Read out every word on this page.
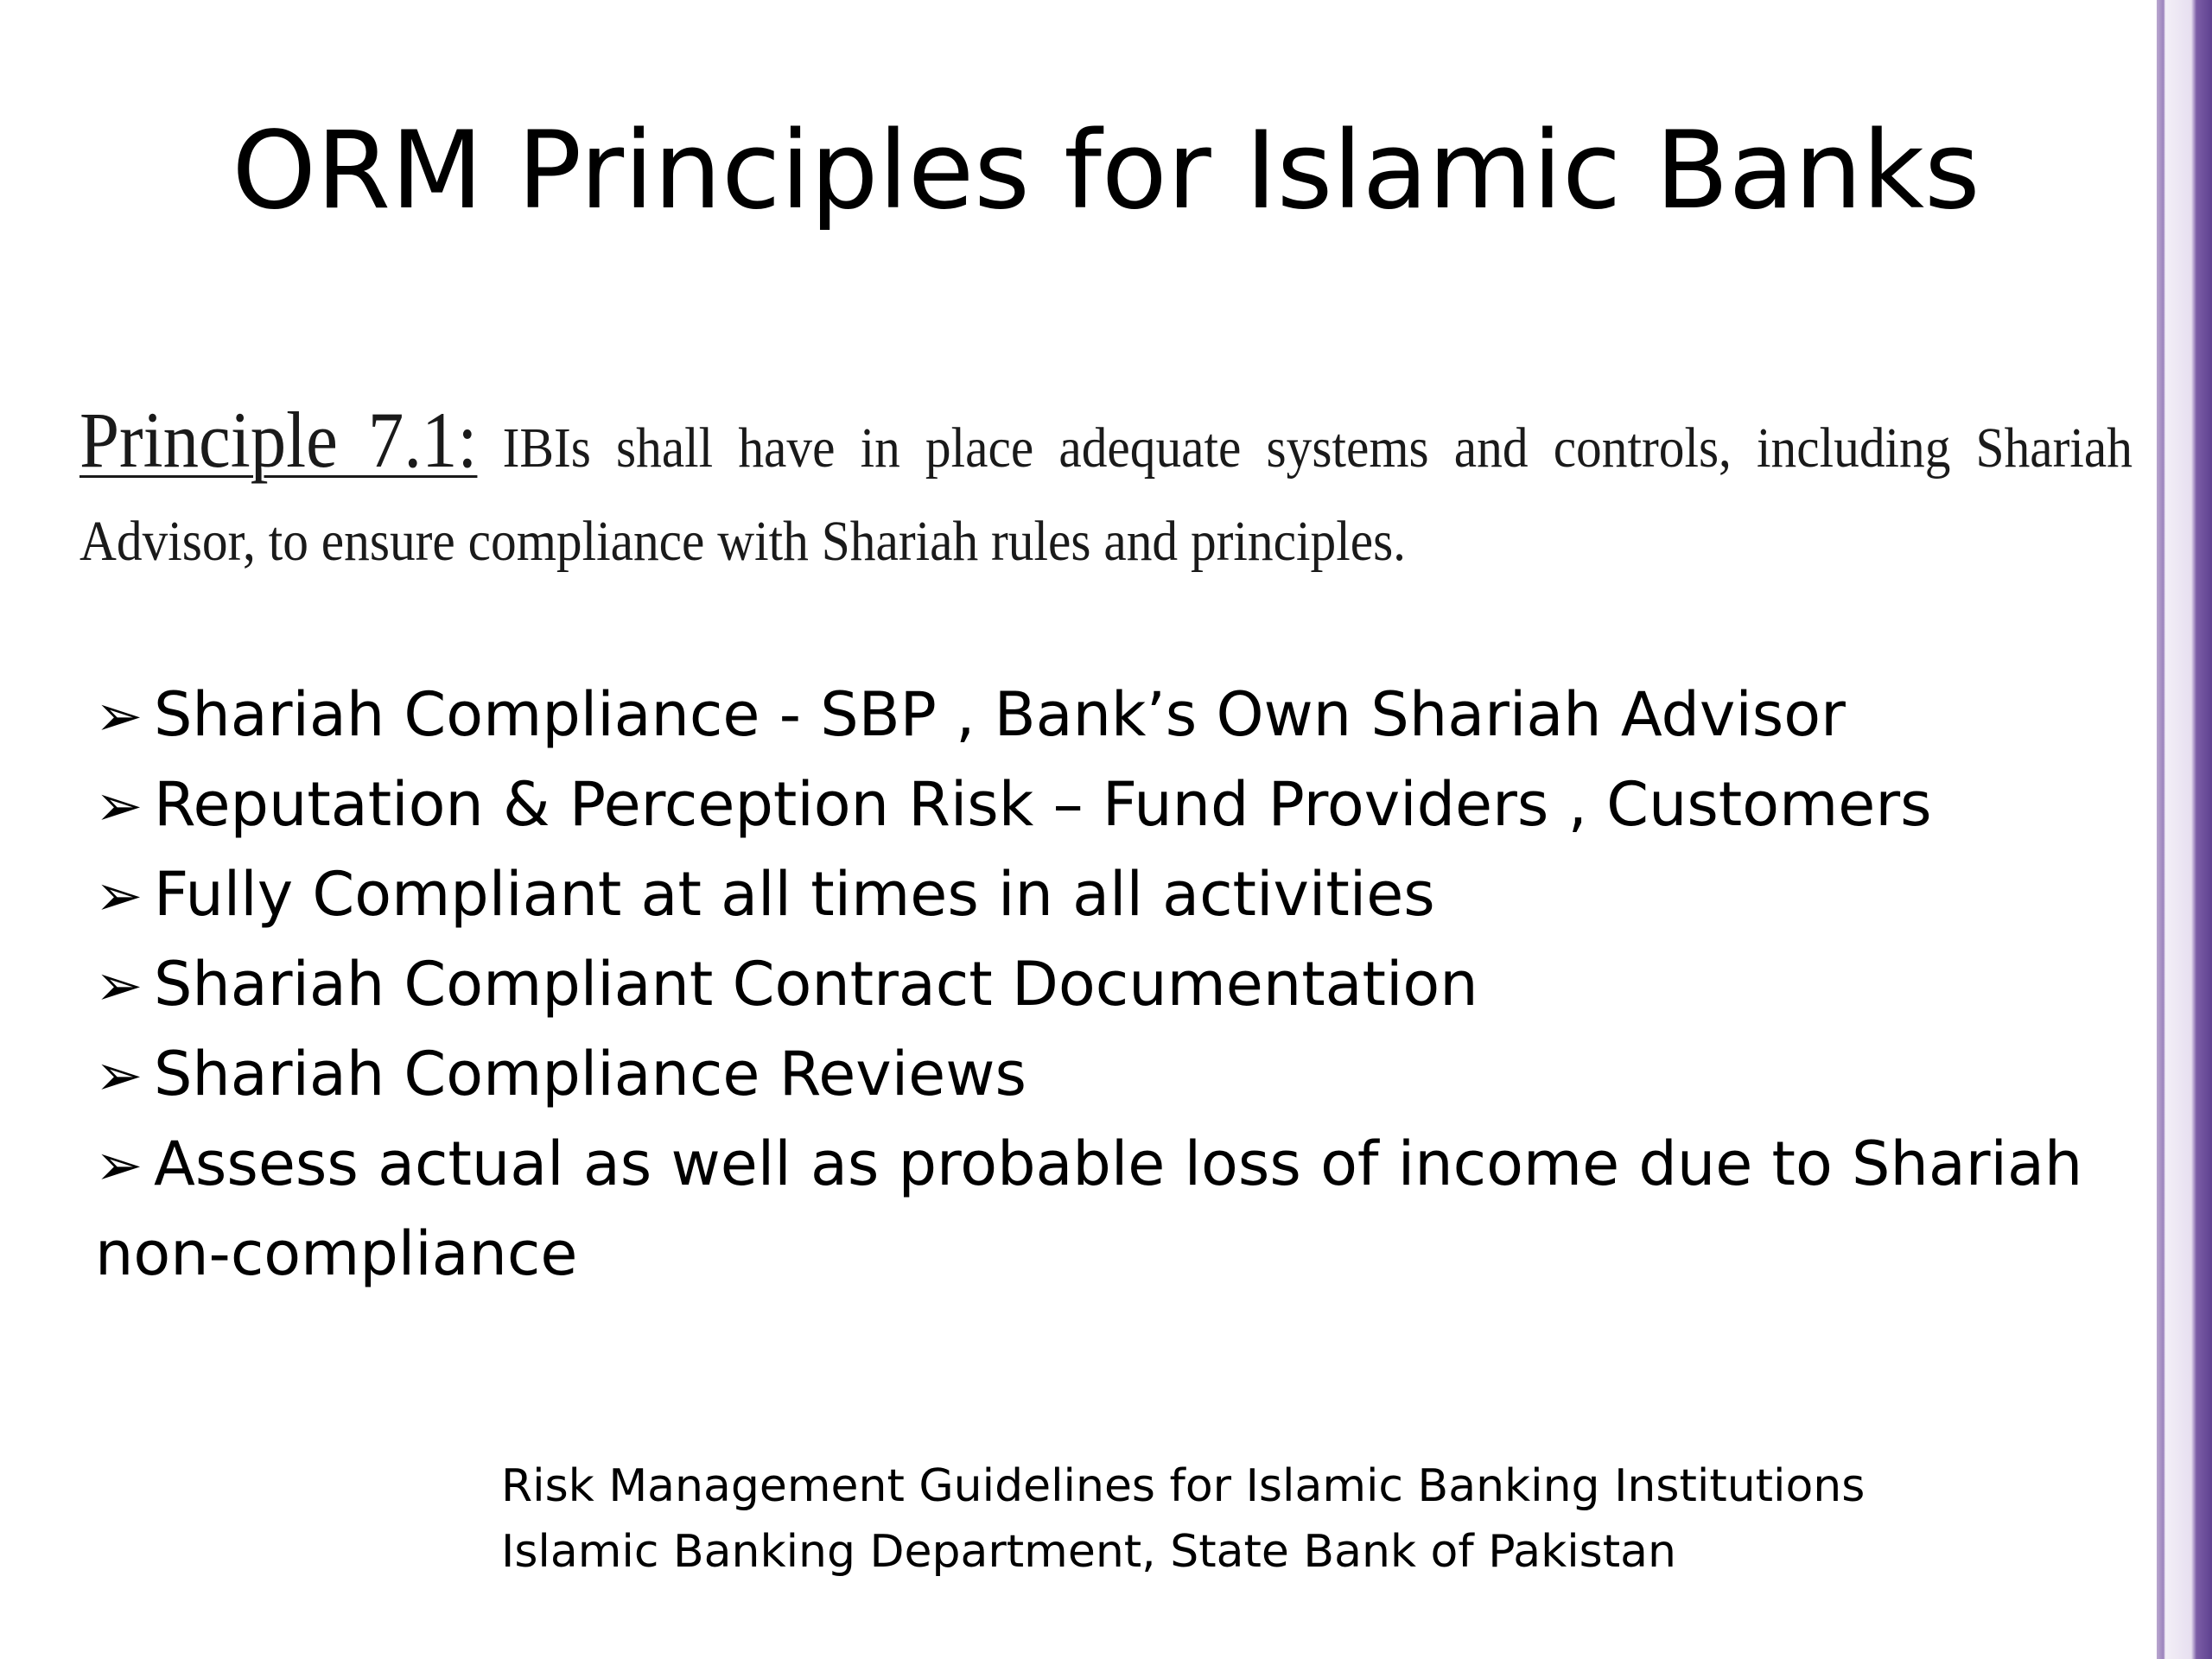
ORM Principles for Islamic Banks
Principle 7.1: IBIs shall have in place adequate systems and controls, including Shariah Advisor, to ensure compliance with Shariah rules and principles.
➢ Shariah Compliance - SBP , Bank’s Own Shariah Advisor
➢ Reputation & Perception Risk – Fund Providers , Customers
➢ Fully Compliant at all times in all activities
➢ Shariah Compliant Contract Documentation
➢ Shariah Compliance Reviews
➢ Assess actual as well as probable loss of income due to Shariah non-compliance
Risk Management Guidelines for Islamic Banking Institutions
Islamic Banking Department, State Bank of Pakistan
